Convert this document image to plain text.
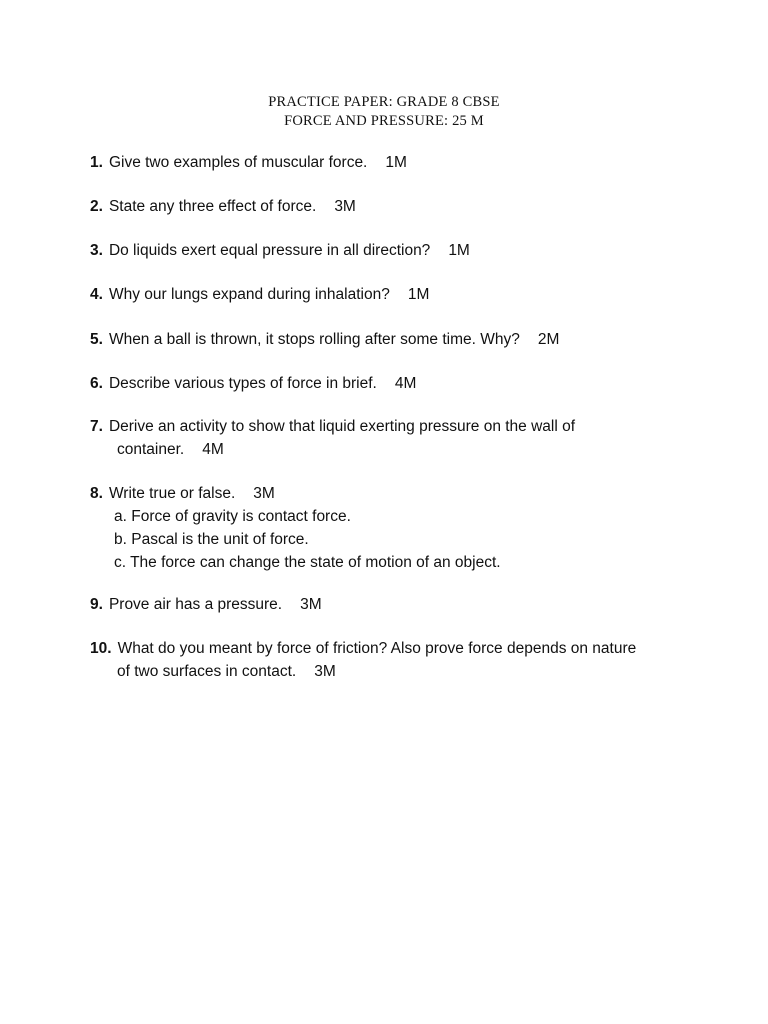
PRACTICE PAPER: GRADE 8 CBSE
FORCE AND PRESSURE: 25 M
1. Give two examples of muscular force. 1M
2. State any three effect of force. 3M
3. Do liquids exert equal pressure in all direction? 1M
4. Why our lungs expand during inhalation? 1M
5. When a ball is thrown, it stops rolling after some time. Why? 2M
6. Describe various types of force in brief. 4M
7. Derive an activity to show that liquid exerting pressure on the wall of
container. 4M
8. Write true or false. 3M
a. Force of gravity is contact force.
b. Pascal is the unit of force.
c. The force can change the state of motion of an object.
9. Prove air has a pressure. 3M
10. What do you meant by force of friction? Also prove force depends on nature
of two surfaces in contact. 3M
